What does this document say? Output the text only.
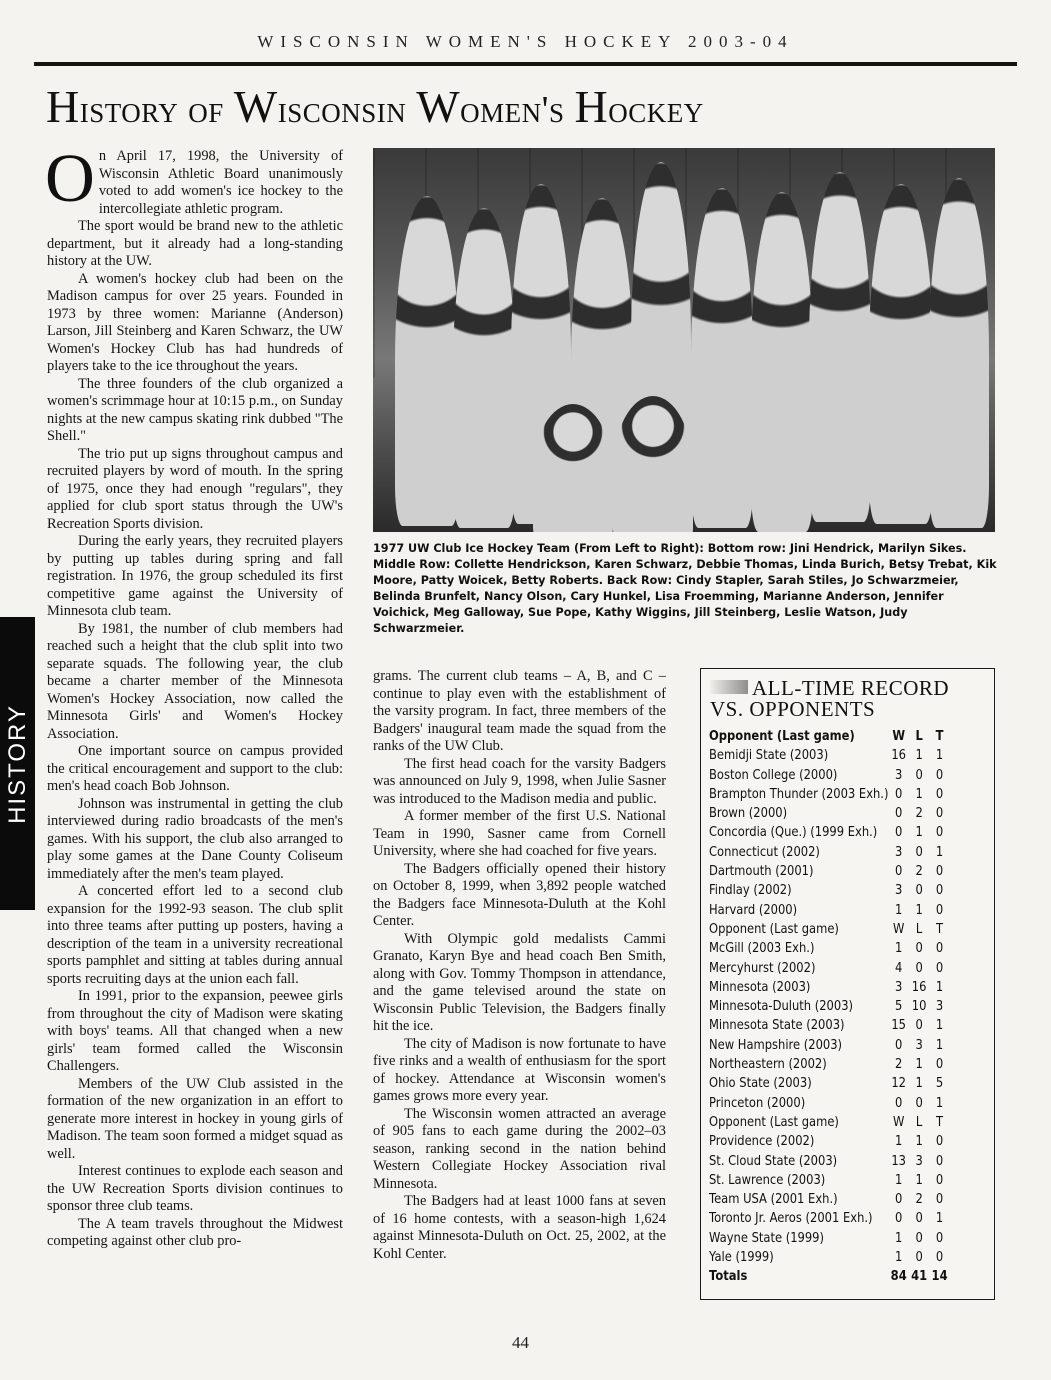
WISCONSIN WOMEN'S HOCKEY 2003-04
History of Wisconsin Women's Hockey
HISTORY

On April 17, 1998, the University of Wisconsin Athletic Board unanimously voted to add women's ice hockey to the intercollegiate athletic program.

The sport would be brand new to the athletic department, but it already had a long-standing history at the UW.

A women's hockey club had been on the Madison campus for over 25 years. Founded in 1973 by three women: Marianne (Anderson) Larson, Jill Steinberg and Karen Schwarz, the UW Women's Hockey Club has had hundreds of players take to the ice throughout the years.

The three founders of the club organized a women's scrimmage hour at 10:15 p.m., on Sunday nights at the new campus skating rink dubbed "The Shell."

The trio put up signs throughout campus and recruited players by word of mouth. In the spring of 1975, once they had enough "regulars", they applied for club sport status through the UW's Recreation Sports division.

During the early years, they recruited players by putting up tables during spring and fall registration. In 1976, the group scheduled its first competitive game against the University of Minnesota club team.

By 1981, the number of club members had reached such a height that the club split into two separate squads. The following year, the club became a charter member of the Minnesota Women's Hockey Association, now called the Minnesota Girls' and Women's Hockey Association.

One important source on campus provided the critical encouragement and support to the club: men's head coach Bob Johnson.

Johnson was instrumental in getting the club interviewed during radio broadcasts of the men's games. With his support, the club also arranged to play some games at the Dane County Coliseum immediately after the men's team played.

A concerted effort led to a second club expansion for the 1992-93 season. The club split into three teams after putting up posters, having a description of the team in a university recreational sports pamphlet and sitting at tables during annual sports recruiting days at the union each fall.

In 1991, prior to the expansion, peewee girls from throughout the city of Madison were skating with boys' teams. All that changed when a new girls' team formed called the Wisconsin Challengers.

Members of the UW Club assisted in the formation of the new organization in an effort to generate more interest in hockey in young girls of Madison. The team soon formed a midget squad as well.

Interest continues to explode each season and the UW Recreation Sports division continues to sponsor three club teams.

The A team travels throughout the Midwest competing against other club pro-

1977 UW Club Ice Hockey Team (From Left to Right): Bottom row: Jini Hendrick, Marilyn Sikes. Middle Row: Collette Hendrickson, Karen Schwarz, Debbie Thomas, Linda Burich, Betsy Trebat, Kik Moore, Patty Woicek, Betty Roberts. Back Row: Cindy Stapler, Sarah Stiles, Jo Schwarzmeier, Belinda Brunfelt, Nancy Olson, Cary Hunkel, Lisa Froemming, Marianne Anderson, Jennifer Voichick, Meg Galloway, Sue Pope, Kathy Wiggins, Jill Steinberg, Leslie Watson, Judy Schwarzmeier.

grams. The current club teams – A, B, and C – continue to play even with the establishment of the varsity program. In fact, three members of the Badgers' inaugural team made the squad from the ranks of the UW Club.

The first head coach for the varsity Badgers was announced on July 9, 1998, when Julie Sasner was introduced to the Madison media and public.

A former member of the first U.S. National Team in 1990, Sasner came from Cornell University, where she had coached for five years.

The Badgers officially opened their history on October 8, 1999, when 3,892 people watched the Badgers face Minnesota-Duluth at the Kohl Center.

With Olympic gold medalists Cammi Granato, Karyn Bye and head coach Ben Smith, along with Gov. Tommy Thompson in attendance, and the game televised around the state on Wisconsin Public Television, the Badgers finally hit the ice.

The city of Madison is now fortunate to have five rinks and a wealth of enthusiasm for the sport of hockey. Attendance at Wisconsin women's games grows more every year.

The Wisconsin women attracted an average of 905 fans to each game during the 2002–03 season, ranking second in the nation behind Western Collegiate Hockey Association rival Minnesota.

The Badgers had at least 1000 fans at seven of 16 home contests, with a season-high 1,624 against Minnesota-Duluth on Oct. 25, 2002, at the Kohl Center.

ALL-TIME RECORD
VS. OPPONENTS
Opponent (Last game)	W	L	T
Bemidji State (2003)	16	1	1
Boston College (2000)	3	0	0
Brampton Thunder (2003 Exh.)	0	1	0
Brown (2000)	0	2	0
Concordia (Que.) (1999 Exh.)	0	1	0
Connecticut (2002)	3	0	1
Dartmouth (2001)	0	2	0
Findlay (2002)	3	0	0
Harvard (2000)	1	1	0
Opponent (Last game)	W	L	T
McGill (2003 Exh.)	1	0	0
Mercyhurst (2002)	4	0	0
Minnesota (2003)	3	16	1
Minnesota-Duluth (2003)	5	10	3
Minnesota State (2003)	15	0	1
New Hampshire (2003)	0	3	1
Northeastern (2002)	2	1	0
Ohio State (2003)	12	1	5
Princeton (2000)	0	0	1
Opponent (Last game)	W	L	T
Providence (2002)	1	1	0
St. Cloud State (2003)	13	3	0
St. Lawrence (2003)	1	1	0
Team USA (2001 Exh.)	0	2	0
Toronto Jr. Aeros (2001 Exh.)	0	0	1
Wayne State (1999)	1	0	0
Yale (1999)	1	0	0
Totals	84	41	14
44
